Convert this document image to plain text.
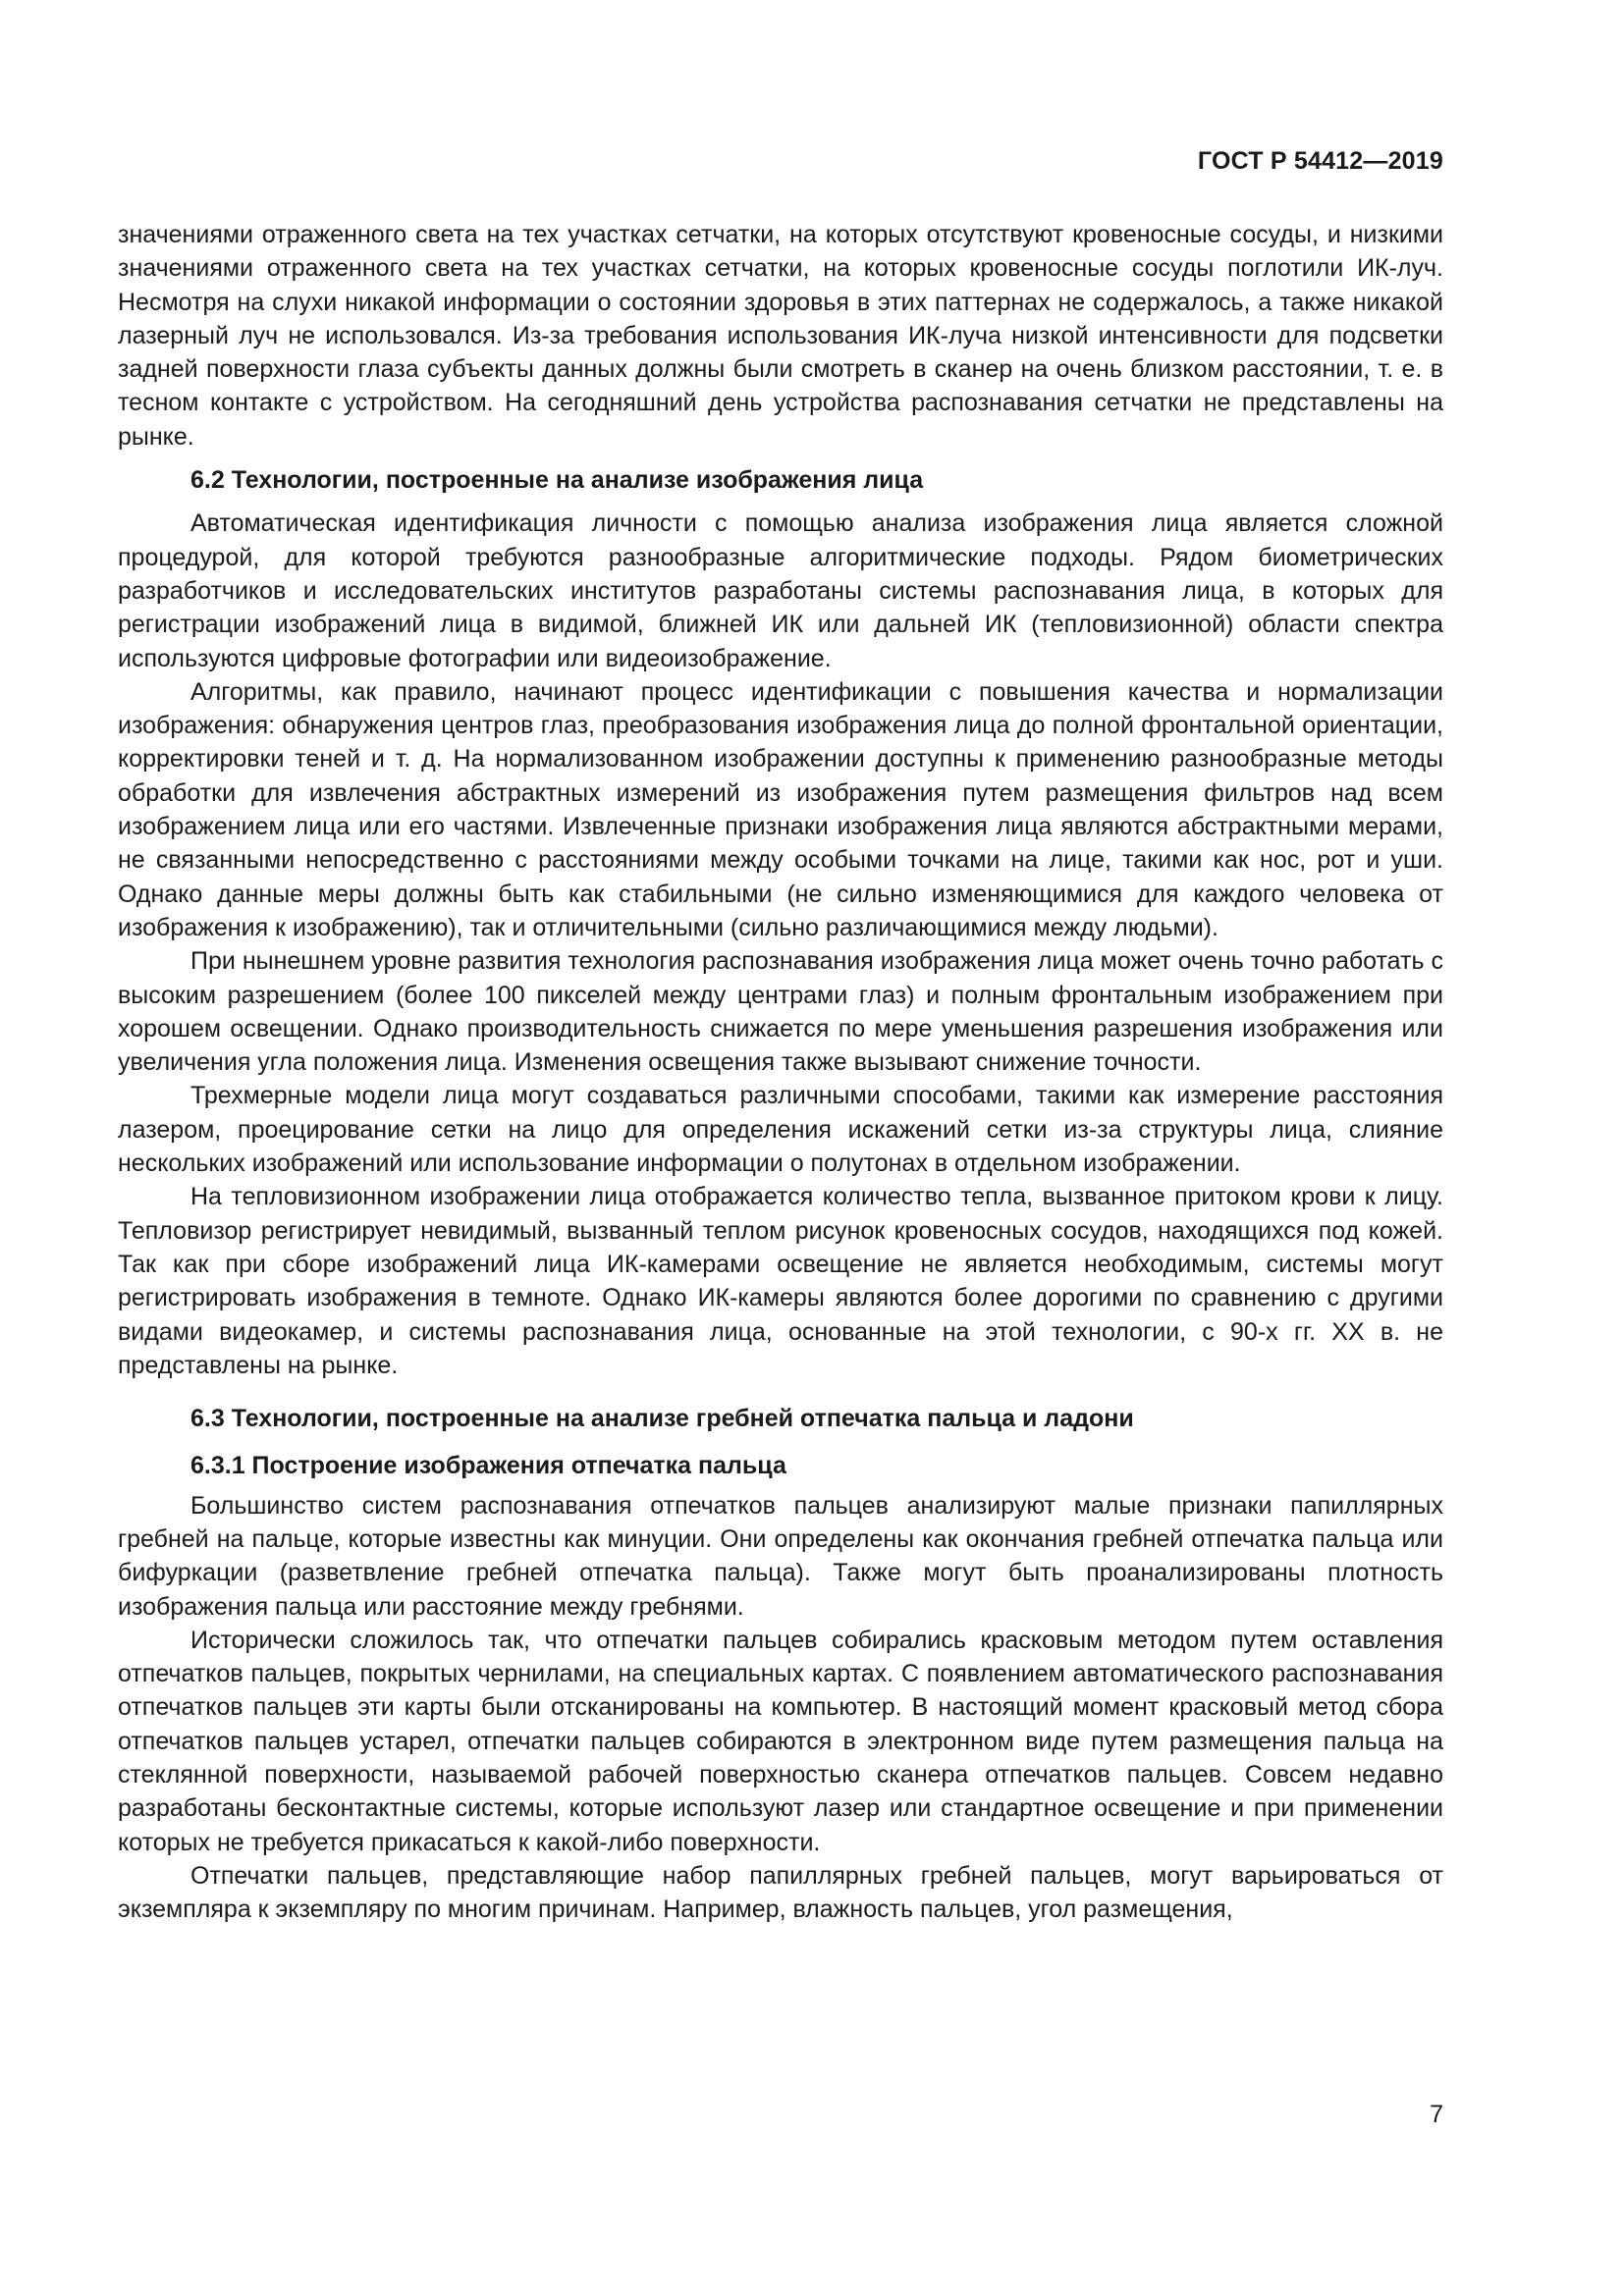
ГОСТ Р 54412—2019

значениями отраженного света на тех участках сетчатки, на которых отсутствуют кровеносные сосуды, и низкими значениями отраженного света на тех участках сетчатки, на которых кровеносные сосуды поглотили ИК-луч. Несмотря на слухи никакой информации о состоянии здоровья в этих паттернах не содержалось, а также никакой лазерный луч не использовался. Из-за требования использования ИК-луча низкой интенсивности для подсветки задней поверхности глаза субъекты данных должны были смотреть в сканер на очень близком расстоянии, т. е. в тесном контакте с устройством. На сегодняшний день устройства распознавания сетчатки не представлены на рынке.

6.2 Технологии, построенные на анализе изображения лица

Автоматическая идентификация личности с помощью анализа изображения лица является сложной процедурой, для которой требуются разнообразные алгоритмические подходы. Рядом биометрических разработчиков и исследовательских институтов разработаны системы распознавания лица, в которых для регистрации изображений лица в видимой, ближней ИК или дальней ИК (тепловизионной) области спектра используются цифровые фотографии или видеоизображение.

Алгоритмы, как правило, начинают процесс идентификации с повышения качества и нормализации изображения: обнаружения центров глаз, преобразования изображения лица до полной фронтальной ориентации, корректировки теней и т. д. На нормализованном изображении доступны к применению разнообразные методы обработки для извлечения абстрактных измерений из изображения путем размещения фильтров над всем изображением лица или его частями. Извлеченные признаки изображения лица являются абстрактными мерами, не связанными непосредственно с расстояниями между особыми точками на лице, такими как нос, рот и уши. Однако данные меры должны быть как стабильными (не сильно изменяющимися для каждого человека от изображения к изображению), так и отличительными (сильно различающимися между людьми).

При нынешнем уровне развития технология распознавания изображения лица может очень точно работать с высоким разрешением (более 100 пикселей между центрами глаз) и полным фронтальным изображением при хорошем освещении. Однако производительность снижается по мере уменьшения разрешения изображения или увеличения угла положения лица. Изменения освещения также вызывают снижение точности.

Трехмерные модели лица могут создаваться различными способами, такими как измерение расстояния лазером, проецирование сетки на лицо для определения искажений сетки из-за структуры лица, слияние нескольких изображений или использование информации о полутонах в отдельном изображении.

На тепловизионном изображении лица отображается количество тепла, вызванное притоком крови к лицу. Тепловизор регистрирует невидимый, вызванный теплом рисунок кровеносных сосудов, находящихся под кожей. Так как при сборе изображений лица ИК-камерами освещение не является необходимым, системы могут регистрировать изображения в темноте. Однако ИК-камеры являются более дорогими по сравнению с другими видами видеокамер, и системы распознавания лица, основанные на этой технологии, с 90-х гг. XX в. не представлены на рынке.

6.3 Технологии, построенные на анализе гребней отпечатка пальца и ладони
6.3.1 Построение изображения отпечатка пальца

Большинство систем распознавания отпечатков пальцев анализируют малые признаки папиллярных гребней на пальце, которые известны как минуции. Они определены как окончания гребней отпечатка пальца или бифуркации (разветвление гребней отпечатка пальца). Также могут быть проанализированы плотность изображения пальца или расстояние между гребнями.

Исторически сложилось так, что отпечатки пальцев собирались красковым методом путем оставления отпечатков пальцев, покрытых чернилами, на специальных картах. С появлением автоматического распознавания отпечатков пальцев эти карты были отсканированы на компьютер. В настоящий момент красковый метод сбора отпечатков пальцев устарел, отпечатки пальцев собираются в электронном виде путем размещения пальца на стеклянной поверхности, называемой рабочей поверхностью сканера отпечатков пальцев. Совсем недавно разработаны бесконтактные системы, которые используют лазер или стандартное освещение и при применении которых не требуется прикасаться к какой-либо поверхности.

Отпечатки пальцев, представляющие набор папиллярных гребней пальцев, могут варьироваться от экземпляра к экземпляру по многим причинам. Например, влажность пальцев, угол размещения,

7
